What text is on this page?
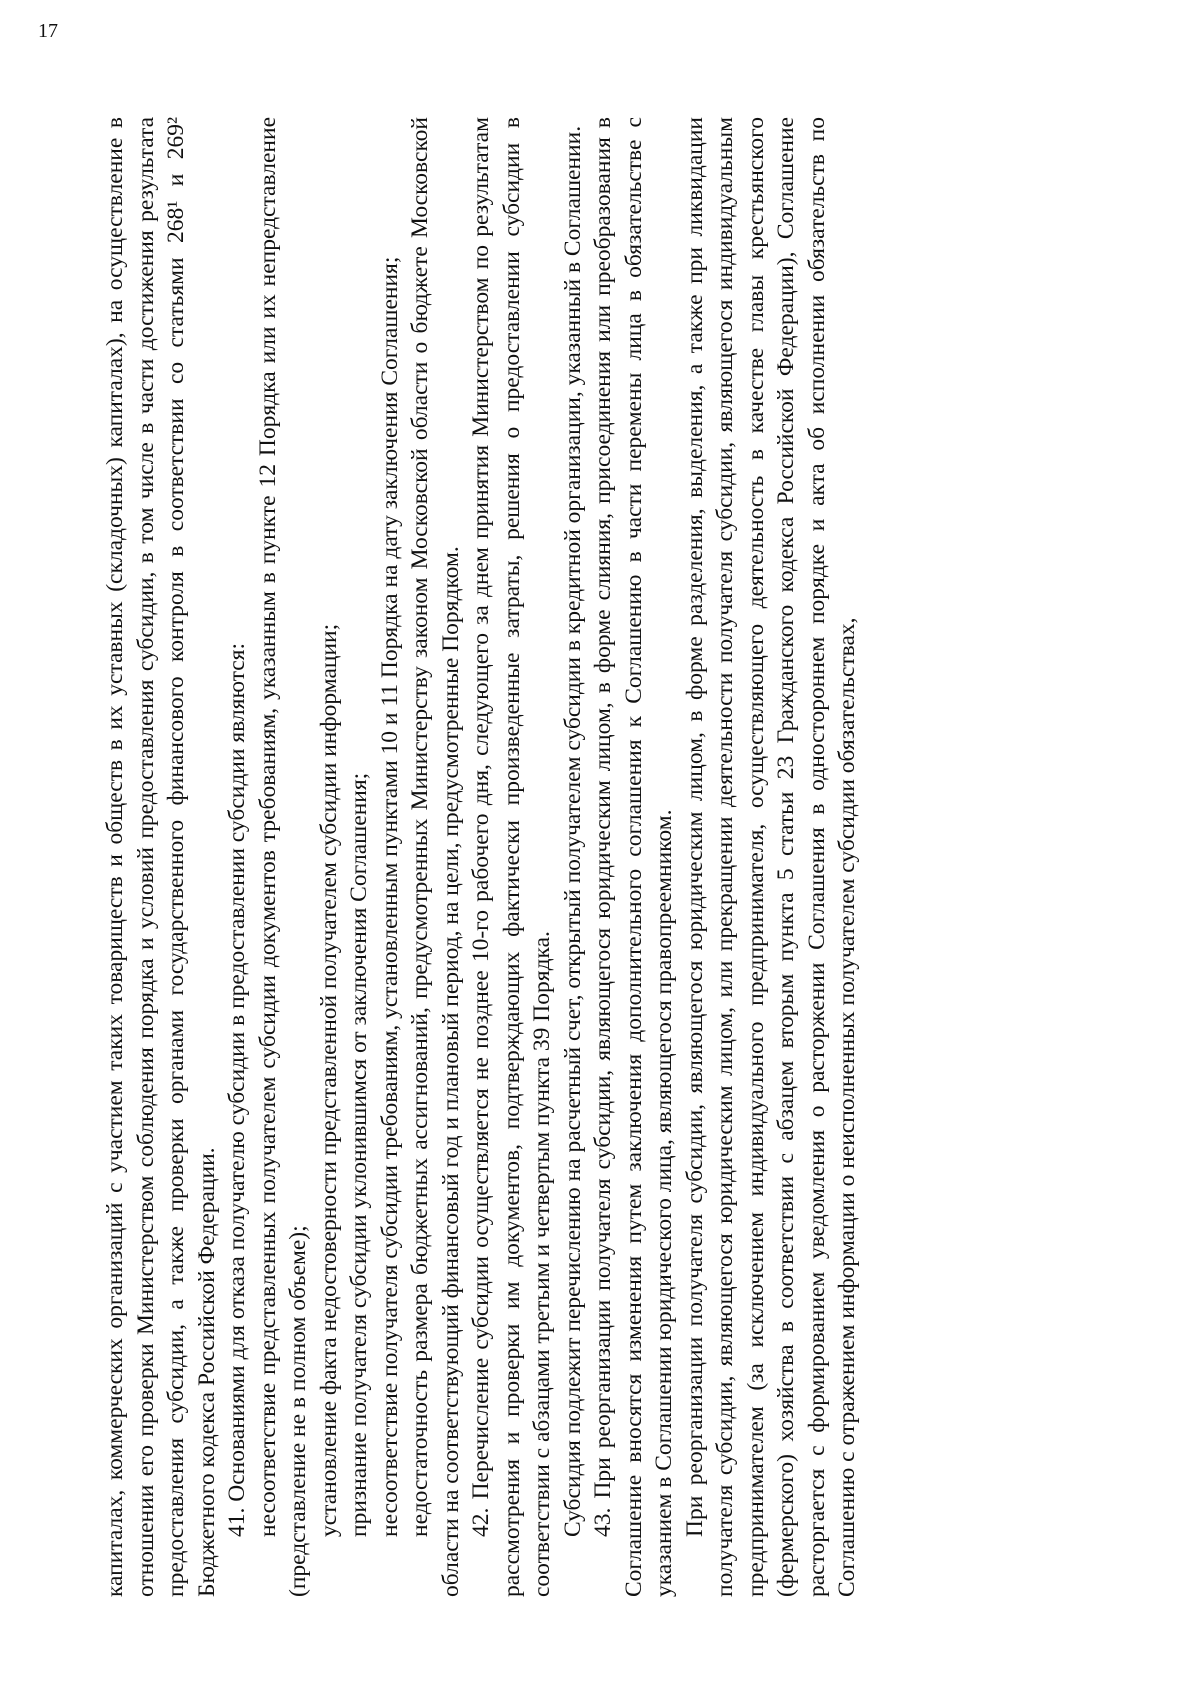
17

капиталах, коммерческих организаций с участием таких товариществ и обществ в их уставных (складочных) капиталах), на осуществление в отношении его проверки Министерством соблюдения порядка и условий предоставления субсидии, в том числе в части достижения результата предоставления субсидии, а также проверки органами государственного финансового контроля в соответствии со статьями 268¹ и 269² Бюджетного кодекса Российской Федерации. 41. Основаниями для отказа получателю субсидии в предоставлении субсидии являются: несоответствие представленных получателем субсидии документов требованиям, указанным в пункте 12 Порядка или их непредставление (представление не в полном объеме); установление факта недостоверности представленной получателем субсидии информации; признание получателя субсидии уклонившимся от заключения Соглашения; несоответствие получателя субсидии требованиям, установленным пунктами 10 и 11 Порядка на дату заключения Соглашения; недостаточность размера бюджетных ассигнований, предусмотренных Министерству законом Московской области о бюджете Московской области на соответствующий финансовый год и плановый период, на цели, предусмотренные Порядком. 42. Перечисление субсидии осуществляется не позднее 10-го рабочего дня, следующего за днем принятия Министерством по результатам рассмотрения и проверки им документов, подтверждающих фактически произведенные затраты, решения о предоставлении субсидии в соответствии с абзацами третьим и четвертым пункта 39 Порядка. Субсидия подлежит перечислению на расчетный счет, открытый получателем субсидии в кредитной организации, указанный в Соглашении. 43. При реорганизации получателя субсидии, являющегося юридическим лицом, в форме слияния, присоединения или преобразования в Соглашение вносятся изменения путем заключения дополнительного соглашения к Соглашению в части перемены лица в обязательстве с указанием в Соглашении юридического лица, являющегося правопреемником. При реорганизации получателя субсидии, являющегося юридическим лицом, в форме разделения, выделения, а также при ликвидации получателя субсидии, являющегося юридическим лицом, или прекращении деятельности получателя субсидии, являющегося индивидуальным предпринимателем (за исключением индивидуального предпринимателя, осуществляющего деятельность в качестве главы крестьянского (фермерского) хозяйства в соответствии с абзацем вторым пункта 5 статьи 23 Гражданского кодекса Российской Федерации), Соглашение расторгается с формированием уведомления о расторжении Соглашения в одностороннем порядке и акта об исполнении обязательств по Соглашению с отражением информации о неисполненных получателем субсидии обязательствах,
